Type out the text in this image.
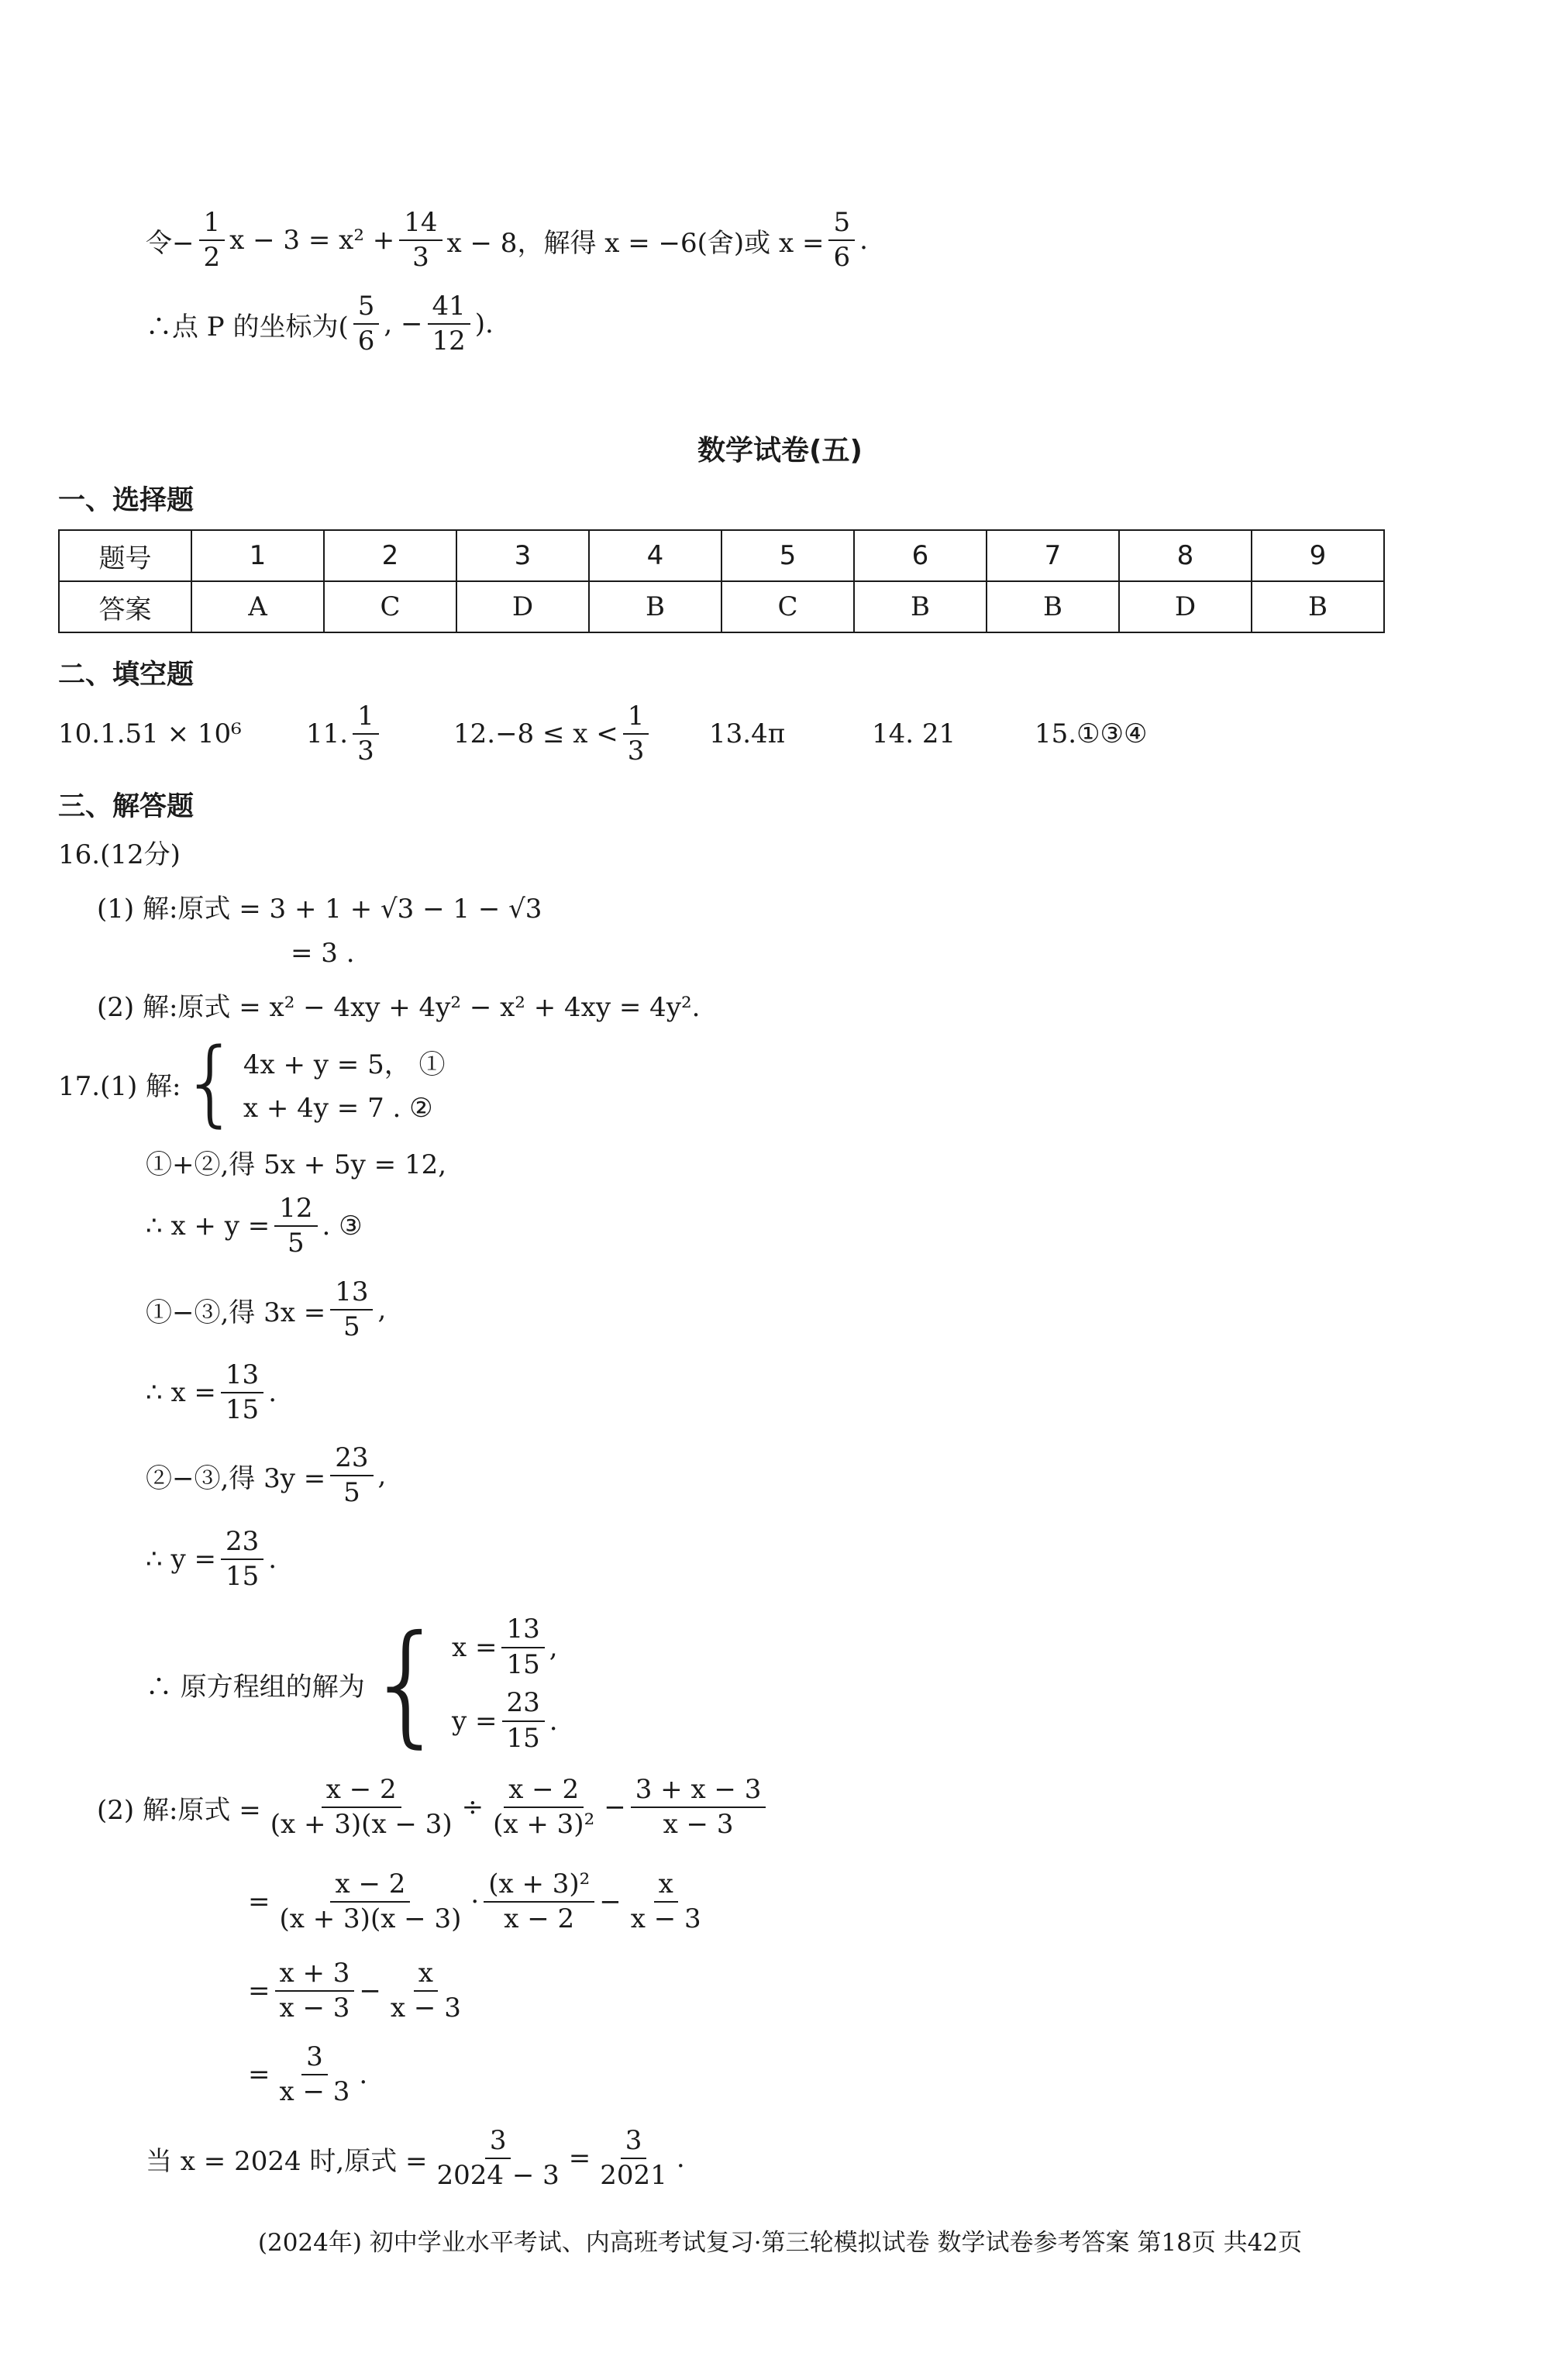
令− $\frac{1}{2}$ $x - 3 = x^2 + \frac{14}{3}$ x − 8，解得 x = −6(舍)或 $x = \frac{5}{6}$ .
∴点 P 的坐标为( $\frac{5}{6}$ , − $\frac{41}{12}$ ).
数学试卷(五)
一、选择题
题号	1	2	3	4	5	6	7	8	9
答案	A	C	D	B	C	B	B	D	B
二、填空题
10.1.51 × 10⁶	11. $\frac{1}{3}$	$12.-8 \le x < \frac{1}{3} 13.4\pi$	14. 21	15.①③④
三、解答题
16.(12分)
(1) 解:原式 = 3 + 1 + √3 − 1 − √3
= 3 .
(2) 解:原式 = x² − 4xy + 4y² − x² + 4xy = 4y².
17.(1) 解: { 4x + y = 5， ①
x + 4y = 7 . ②
①+②,得 5x + 5y = 12,
∴ $x + y = \frac{12}{5}$ . ③
①−③,得 $3x = \frac{13}{5}$ ,
∴ $x = \frac{13}{15}$ .
②−③,得 $3y = \frac{23}{5}$ ,
∴ $y = \frac{23}{15}$ .
∴ 原方程组的解为 { $x = \frac{13}{15}$ ,
$y = \frac{23}{15}$ .
(2) 解:原式 = $\frac{x - 2}{(x + 3)(x - 3)} \div \frac{x - 2}{\text{(x + 3)²}} - \frac{3 + x - 3}{x - 3}$
= $\frac{x - 2}{(x + 3)(x - 3)} \cdot \frac{\text{(x + 3)²}}{x - 2} - \frac{x}{x - 3}$
= $\frac{x + 3}{x - 3} - \frac{x}{x - 3}$
= $\frac{3}{x - 3}$ .
当 x = 2024 时,原式 = $\frac{3}{2024 - 3} = \frac{3}{2021}$ .
(2024年) 初中学业水平考试、内高班考试复习·第三轮模拟试卷 数学试卷参考答案 第18页 共42页
